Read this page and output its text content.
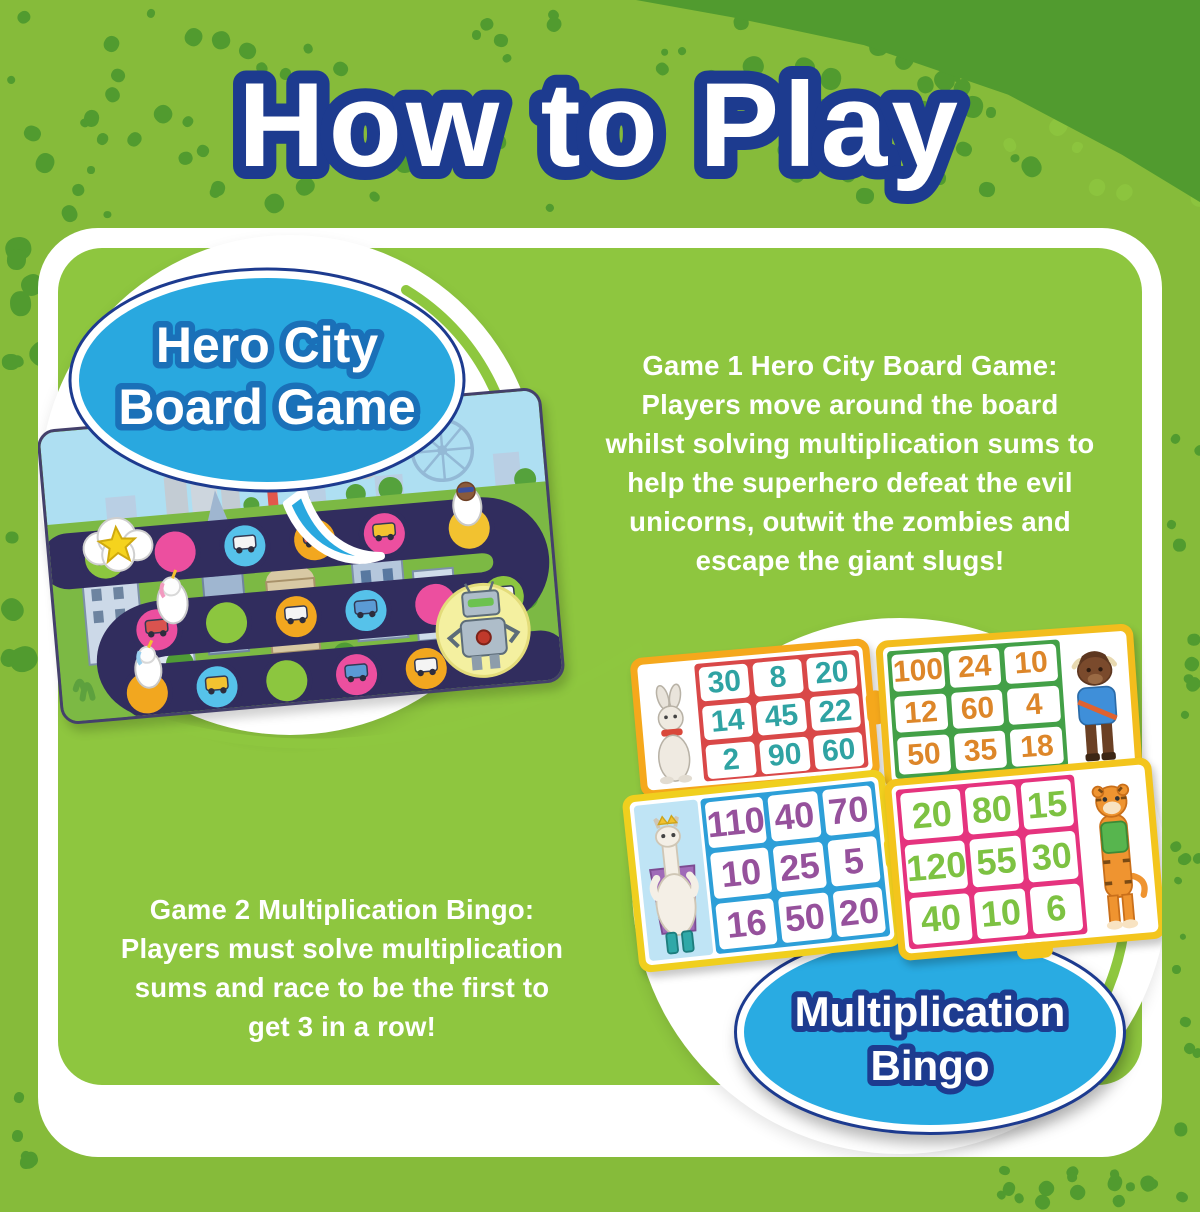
How to Play
Hero City
Board Game
Game 1 Hero City Board Game:
Players move around the board
whilst solving multiplication sums to
help the superhero defeat the evil
unicorns, outwit the zombies and
escape the giant slugs!
30 8 20
14 45 22
2 90 60
100 24 10
12 60 4
50 35 18
110 40 70
10 25 5
16 50 20
20 80 15
120 55 30
40 10 6
Multiplication
Bingo
Game 2 Multiplication Bingo:
Players must solve multiplication
sums and race to be the first to
get 3 in a row!
